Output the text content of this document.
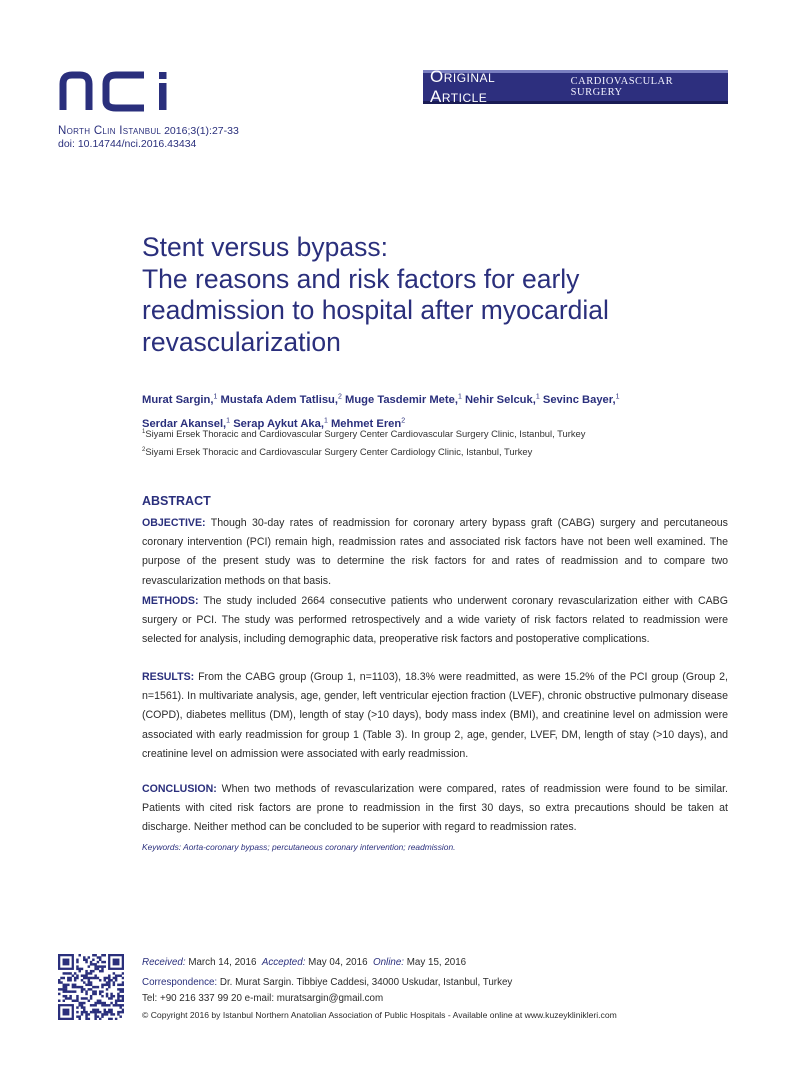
Original Article
CARDIOVASCULAR SURGERY
North Clin Istanbul 2016;3(1):27-33
doi: 10.14744/nci.2016.43434
Stent versus bypass:
The reasons and risk factors for early
readmission to hospital after myocardial
revascularization
Murat Sargin,$^1$ Mustafa Adem Tatlisu,$^2$ Muge Tasdemir Mete,$^1$ Nehir Selcuk,$^1$ Sevinc Bayer,$^1$
Serdar Akansel,$^1$ Serap Aykut Aka,$^1$ Mehmet Eren$^2$
$^1$Siyami Ersek Thoracic and Cardiovascular Surgery Center Cardiovascular Surgery Clinic, Istanbul, Turkey
$^2$Siyami Ersek Thoracic and Cardiovascular Surgery Center Cardiology Clinic, Istanbul, Turkey
ABSTRACT

OBJECTIVE: Though 30-day rates of readmission for coronary artery bypass graft (CABG) surgery and percutaneous coronary intervention (PCI) remain high, readmission rates and associated risk factors have not been well examined. The purpose of the present study was to determine the risk factors for and rates of readmission and to compare two revascularization methods on that basis.

METHODS: The study included 2664 consecutive patients who underwent coronary revascularization either with CABG surgery or PCI. The study was performed retrospectively and a wide variety of risk factors related to readmission were selected for analysis, including demographic data, preoperative risk factors and postoperative complications.

RESULTS: From the CABG group (Group 1, n=1103), 18.3% were readmitted, as were 15.2% of the PCI group (Group 2, n=1561). In multivariate analysis, age, gender, left ventricular ejection fraction (LVEF), chronic obstructive pulmonary disease (COPD), diabetes mellitus (DM), length of stay (>10 days), body mass index (BMI), and creatinine level on admission were associated with early readmission for group 1 (Table 3). In group 2, age, gender, LVEF, DM, length of stay (>10 days), and creatinine level on admission were associated with early readmission.

CONCLUSION: When two methods of revascularization were compared, rates of readmission were found to be similar. Patients with cited risk factors are prone to readmission in the first 30 days, so extra precautions should be taken at discharge. Neither method can be concluded to be superior with regard to readmission rates.

Keywords: Aorta-coronary bypass; percutaneous coronary intervention; readmission.
Received: March 14, 2016 Accepted: May 04, 2016 Online: May 15, 2016
Correspondence: Dr. Murat Sargin. Tibbiye Caddesi, 34000 Uskudar, Istanbul, Turkey
Tel: +90 216 337 99 20 e-mail: muratsargin@gmail.com
© Copyright 2016 by Istanbul Northern Anatolian Association of Public Hospitals - Available online at www.kuzeyklinikleri.com
